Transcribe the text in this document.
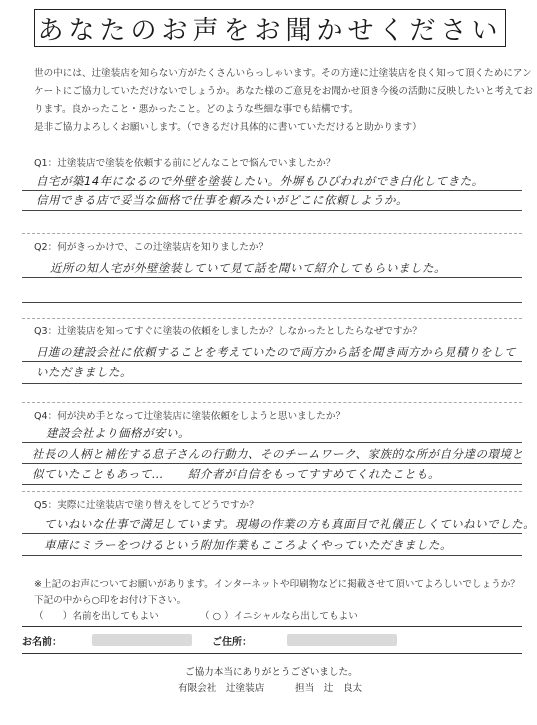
あなたのお声をお聞かせください
世の中には、辻塗装店を知らない方がたくさんいらっしゃいます。その方達に辻塗装店を良く知って頂くためにアン
ケートにご協力していただけないでしょうか。あなた様のご意見をお聞かせ頂き今後の活動に反映したいと考えてお
ります。良かったこと・悪かったこと。どのような些細な事でも結構です。
是非ご協力よろしくお願いします。（できるだけ具体的に書いていただけると助かります）
Q1：辻塗装店で塗装を依頼する前にどんなことで悩んでいましたか？
自宅が築14年になるので外壁を塗装したい。外塀もひびわれができ白化してきた。
信用できる店で妥当な価格で仕事を頼みたいがどこに依頼しようか。
Q2：何がきっかけで、この辻塗装店を知りましたか？
近所の知人宅が外壁塗装していて見て話を聞いて紹介してもらいました。
Q3：辻塗装店を知ってすぐに塗装の依頼をしましたか？しなかったとしたらなぜですか？
日進の建設会社に依頼することを考えていたので両方から話を聞き両方から見積りをして
いただきました。
Q4：何が決め手となって辻塗装店に塗装依頼をしようと思いましたか？
建設会社より価格が安い。
社長の人柄と補佐する息子さんの行動力、そのチームワーク、家族的な所が自分達の環境と
似ていたこともあって…　　紹介者が自信をもってすすめてくれたことも。
Q5：実際に辻塗装店で塗り替えをしてどうですか？
ていねいな仕事で満足しています。現場の作業の方も真面目で礼儀正しくていねいでした。
車庫にミラーをつけるという附加作業もこころよくやっていただきました。
※上記のお声についてお願いがあります。インターネットや印刷物などに掲載させて頂いてよろしいでしょうか？
下記の中から○印をお付け下さい。
（　　）名前を出してもよい	（ ○ ）イニシャルなら出してもよい
お名前：	ご住所：
ご協力本当にありがとうございました。
有限会社　辻塗装店	担当　辻　良太
